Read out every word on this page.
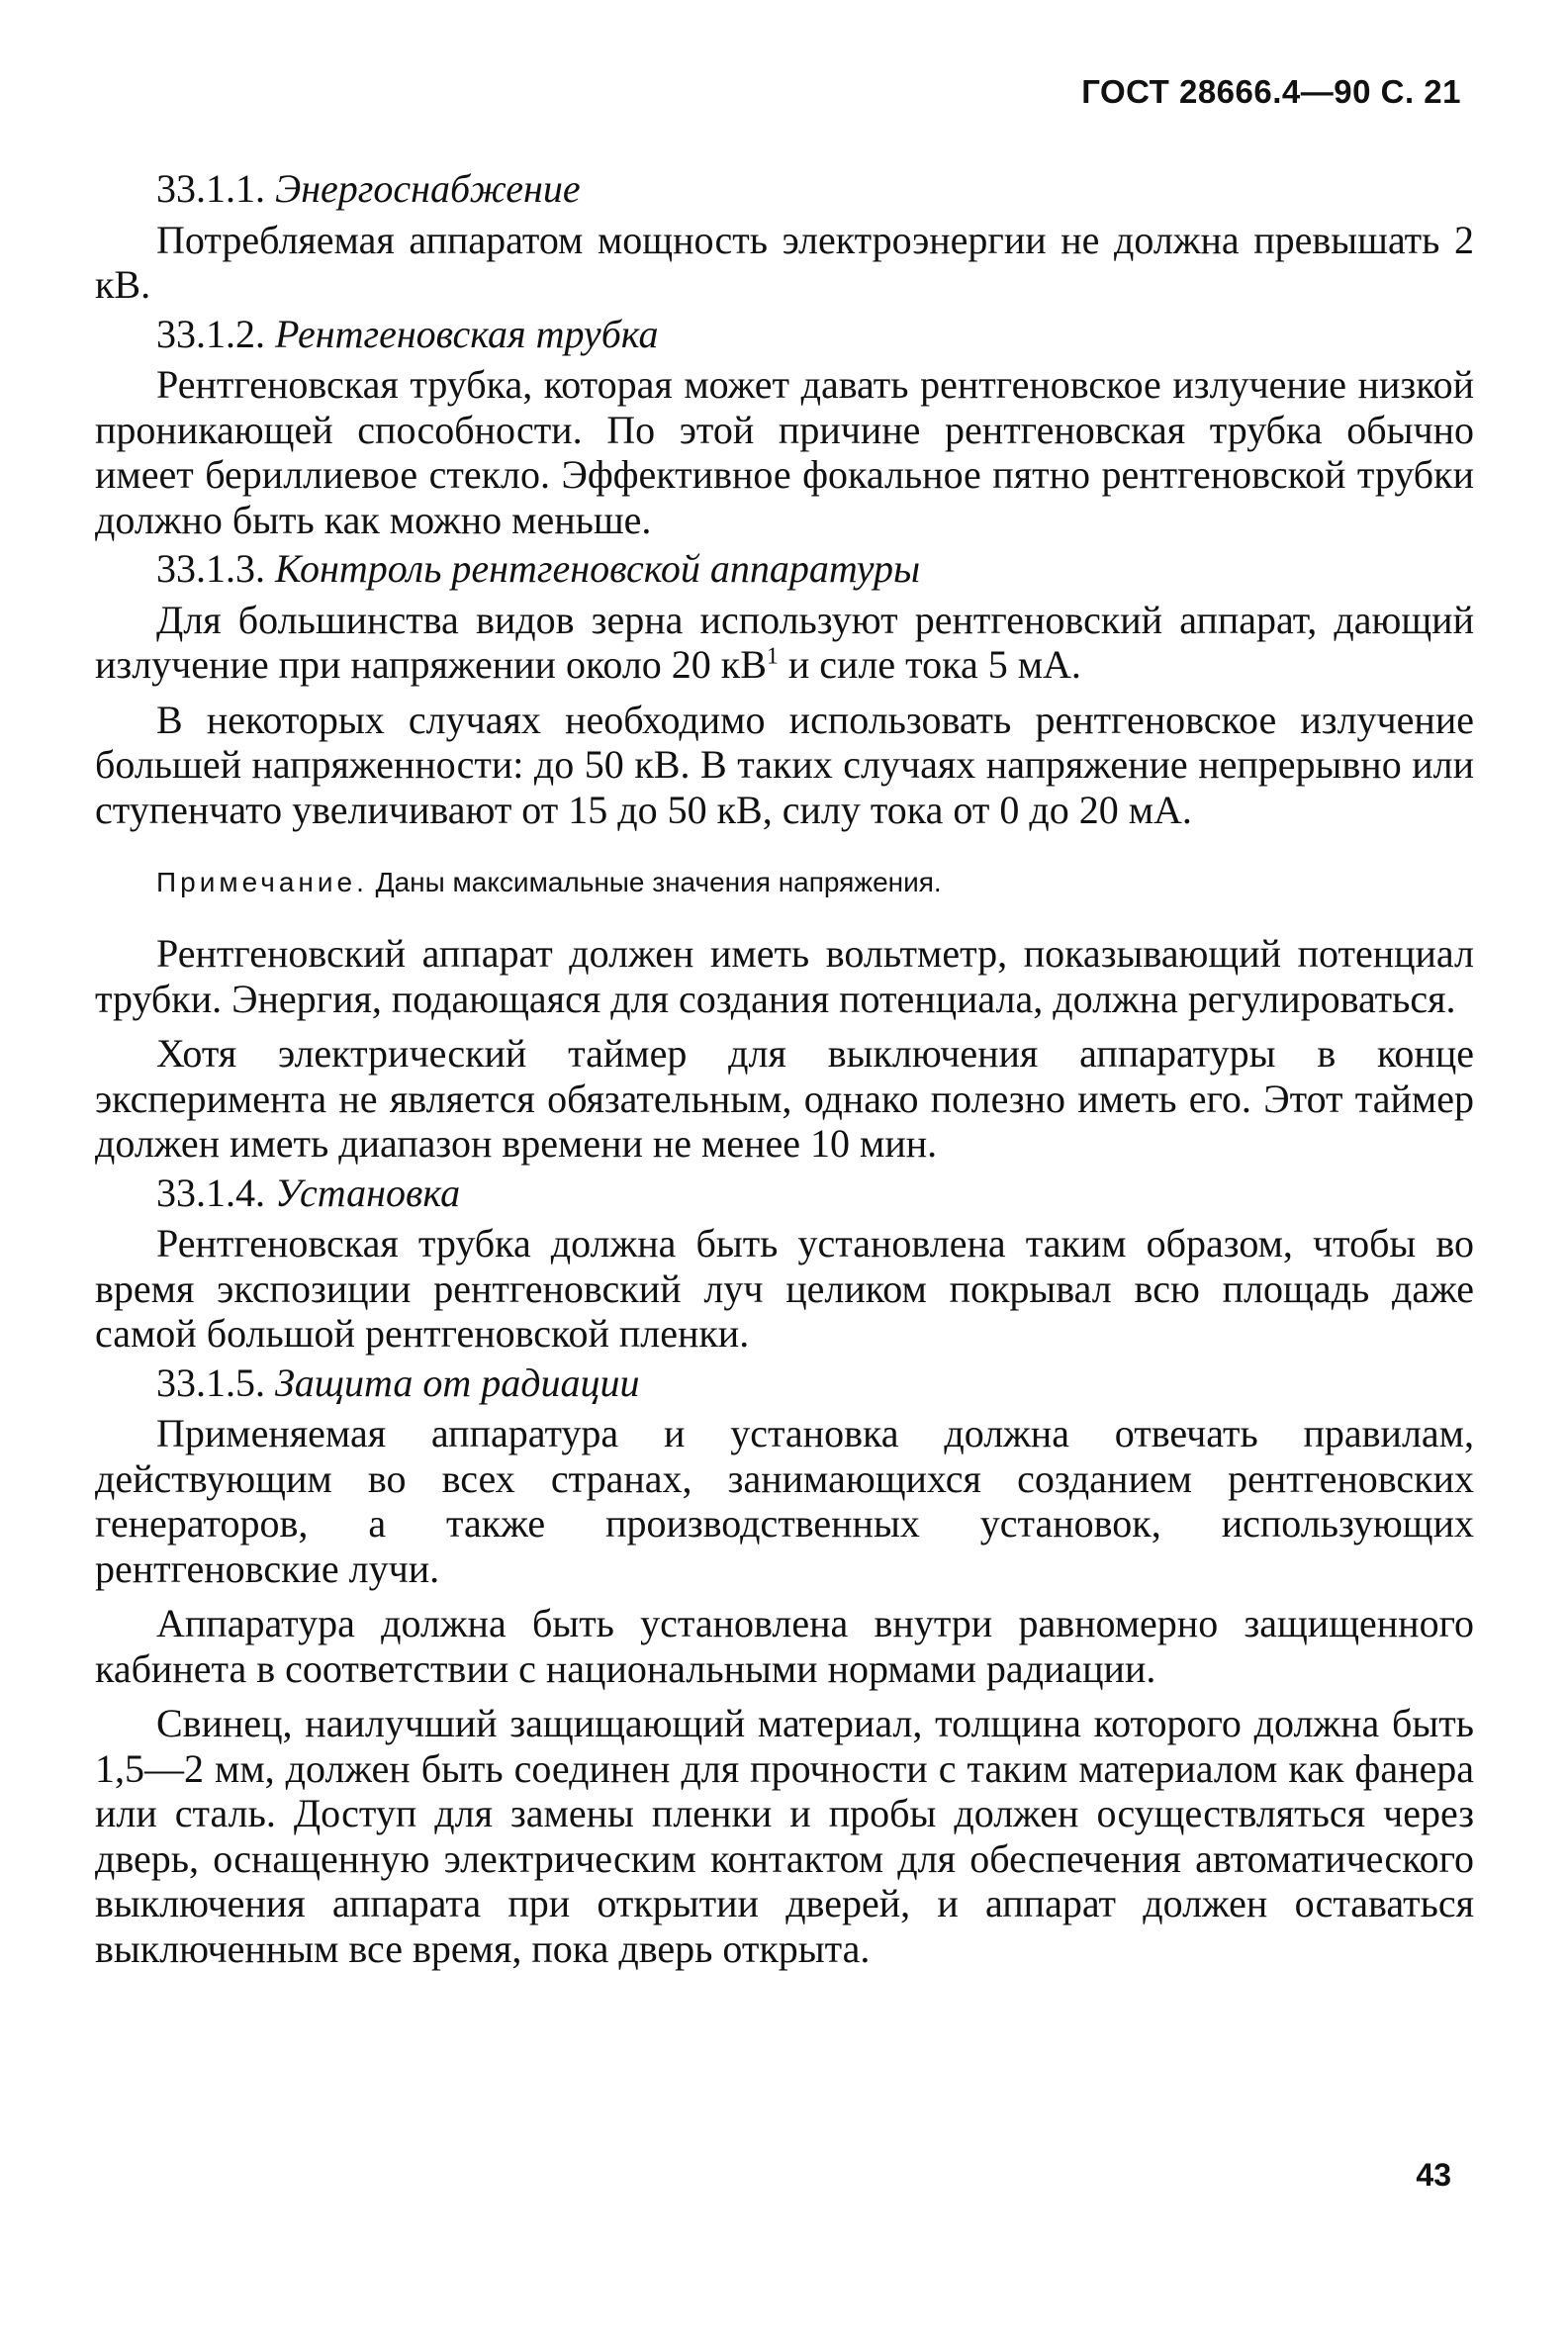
ГОСТ 28666.4—90 С. 21

33.1.1. Энергоснабжение

Потребляемая аппаратом мощность электроэнергии не должна превышать 2 кВ.

33.1.2. Рентгеновская трубка

Рентгеновская трубка, которая может давать рентгеновское излучение низкой проникающей способности. По этой причине рентгеновская трубка обычно имеет бериллиевое стекло. Эффективное фокальное пятно рентгеновской трубки должно быть как можно меньше.

33.1.3. Контроль рентгеновской аппаратуры

Для большинства видов зерна используют рентгеновский аппарат, дающий излучение при напряжении около 20 $кВ^1$ и силе тока 5 мА.

В некоторых случаях необходимо использовать рентгеновское излучение большей напряженности: до 50 кВ. В таких случаях напряжение непрерывно или ступенчато увеличивают от 15 до 50 кВ, силу тока от 0 до 20 мА.

Примечание. Даны максимальные значения напряжения.

Рентгеновский аппарат должен иметь вольтметр, показывающий потенциал трубки. Энергия, подающаяся для создания потенциала, должна регулироваться.

Хотя электрический таймер для выключения аппаратуры в конце эксперимента не является обязательным, однако полезно иметь его. Этот таймер должен иметь диапазон времени не менее 10 мин.

33.1.4. Установка

Рентгеновская трубка должна быть установлена таким образом, чтобы во время экспозиции рентгеновский луч целиком покрывал всю площадь даже самой большой рентгеновской пленки.

33.1.5. Защита от радиации

Применяемая аппаратура и установка должна отвечать правилам, действующим во всех странах, занимающихся созданием рентгеновских генераторов, а также производственных установок, использующих рентгеновские лучи.

Аппаратура должна быть установлена внутри равномерно защищенного кабинета в соответствии с национальными нормами радиации.

Свинец, наилучший защищающий материал, толщина которого должна быть 1,5—2 мм, должен быть соединен для прочности с таким материалом как фанера или сталь. Доступ для замены пленки и пробы должен осуществляться через дверь, оснащенную электрическим контактом для обеспечения автоматического выключения аппарата при открытии дверей, и аппарат должен оставаться выключенным все время, пока дверь открыта.

43
